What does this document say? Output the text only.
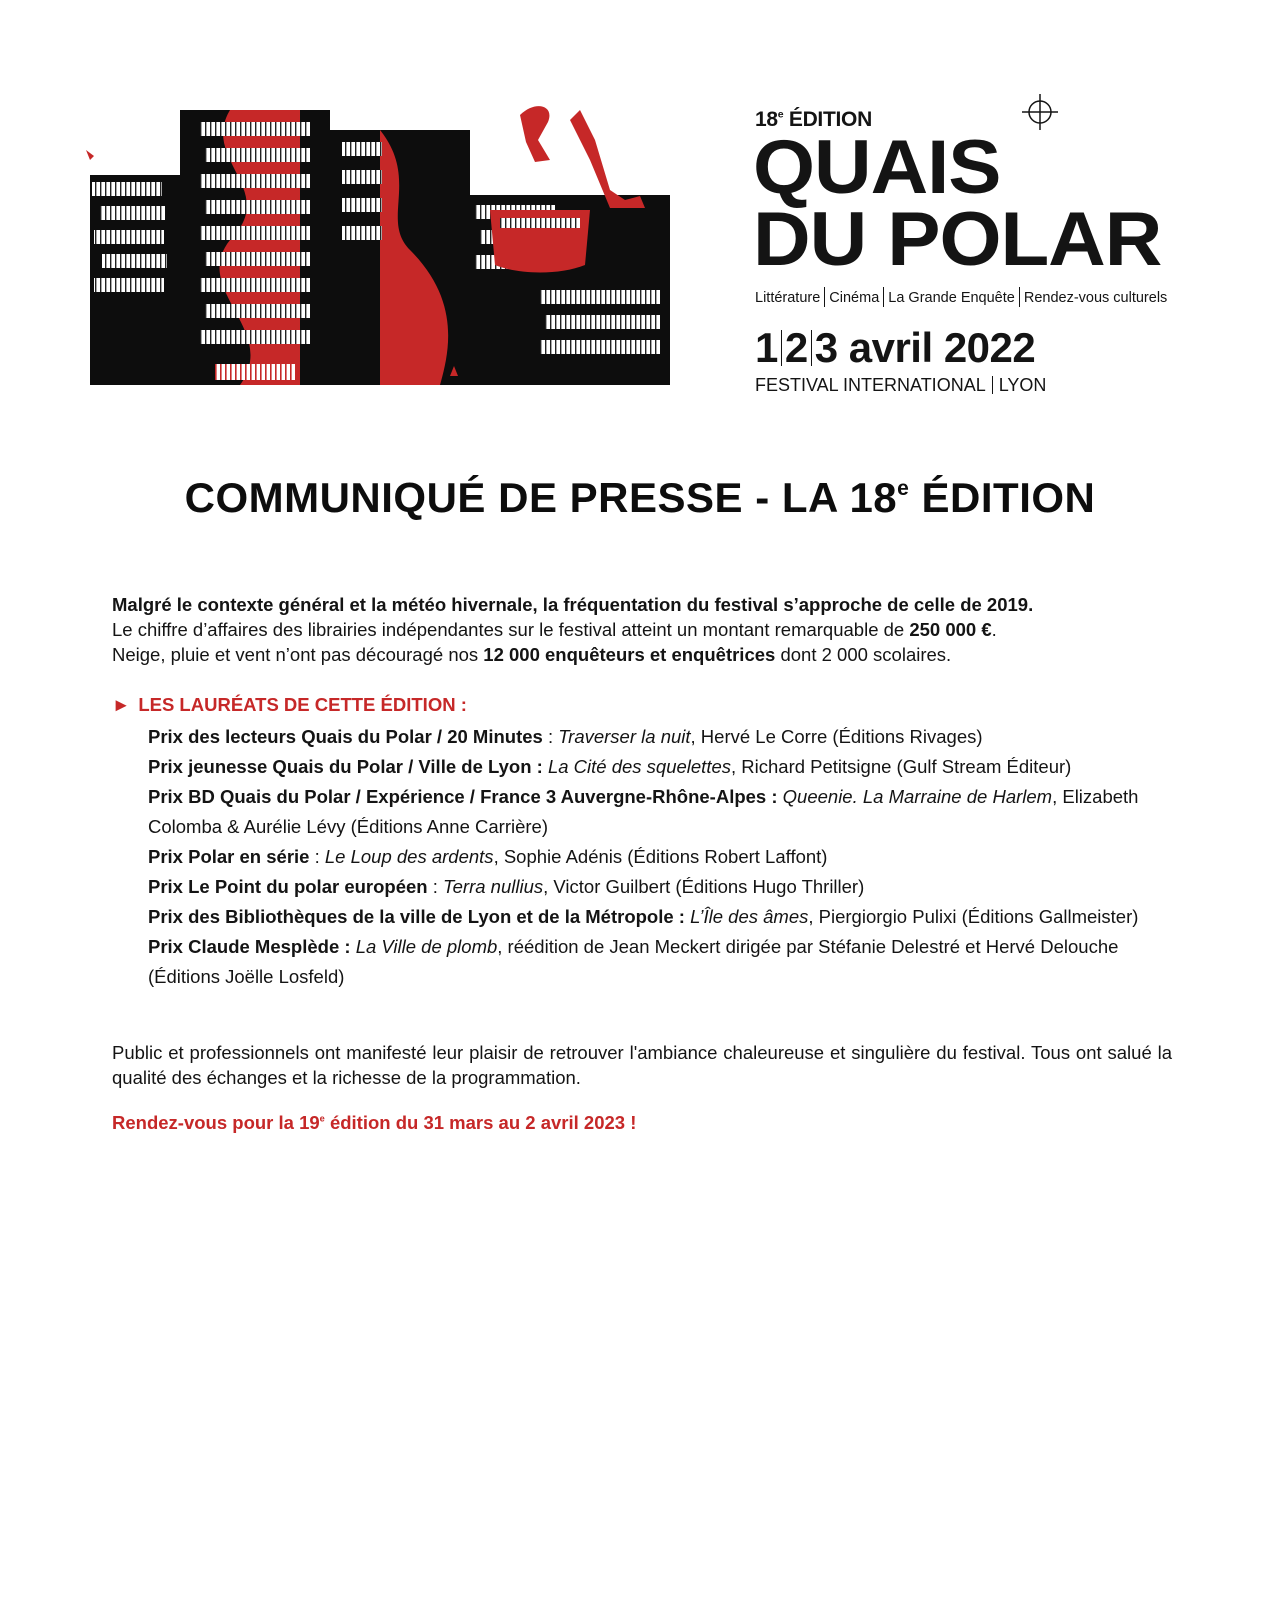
18e ÉDITION
QUAIS
DU POLAR
Littérature Cinéma La Grande Enquête Rendez-vous culturels
1 2 3 avril 2022
FESTIVAL INTERNATIONAL LYON
COMMUNIQUÉ DE PRESSE - LA 18e ÉDITION
Malgré le contexte général et la météo hivernale, la fréquentation du festival s’approche de celle de 2019.
Le chiffre d’affaires des librairies indépendantes sur le festival atteint un montant remarquable de 250 000 €.
Neige, pluie et vent n’ont pas découragé nos 12 000 enquêteurs et enquêtrices dont 2 000 scolaires.
► LES LAURÉATS DE CETTE ÉDITION :

Prix des lecteurs Quais du Polar / 20 Minutes : Traverser la nuit, Hervé Le Corre (Éditions Rivages)

Prix jeunesse Quais du Polar / Ville de Lyon : La Cité des squelettes, Richard Petitsigne (Gulf Stream Éditeur)

Prix BD Quais du Polar / Expérience / France 3 Auvergne-Rhône-Alpes : Queenie. La Marraine de Harlem, Elizabeth Colomba & Aurélie Lévy (Éditions Anne Carrière)

Prix Polar en série : Le Loup des ardents, Sophie Adénis (Éditions Robert Laffont)

Prix Le Point du polar européen : Terra nullius, Victor Guilbert (Éditions Hugo Thriller)

Prix des Bibliothèques de la ville de Lyon et de la Métropole : L’Île des âmes, Piergiorgio Pulixi (Éditions Gallmeister)

Prix Claude Mesplède : La Ville de plomb, réédition de Jean Meckert dirigée par Stéfanie Delestré et Hervé Delouche (Éditions Joëlle Losfeld)

Public et professionnels ont manifesté leur plaisir de retrouver l'ambiance chaleureuse et singulière du festival. Tous ont salué la qualité des échanges et la richesse de la programmation.
Rendez-vous pour la 19e édition du 31 mars au 2 avril 2023 !
